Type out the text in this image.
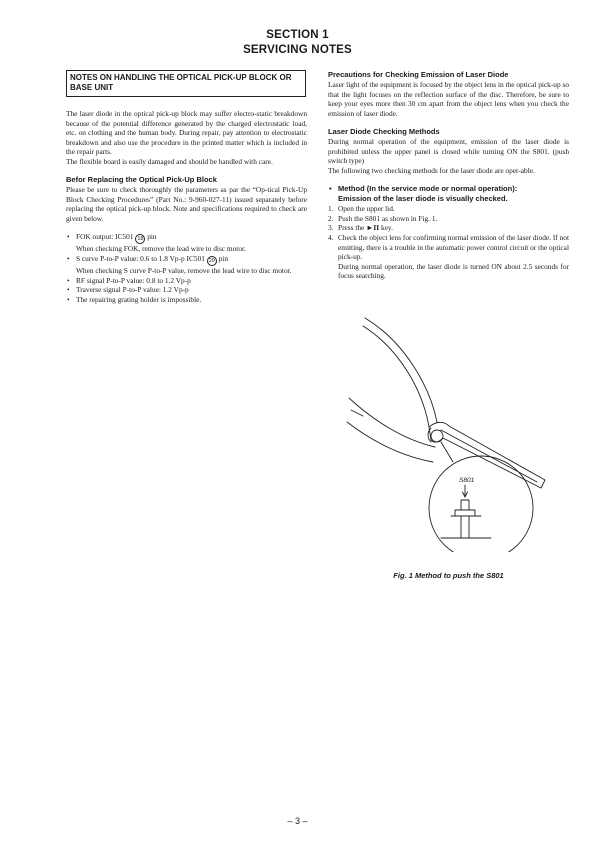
SECTION 1
SERVICING NOTES
NOTES ON HANDLING THE OPTICAL PICK-UP BLOCK OR BASE UNIT

The laser diode in the optical pick-up block may suffer electro-static breakdown because of the potential difference generated by the charged electrostatic load, etc. on clothing and the human body. During repair, pay attention to electrostatic breakdown and also use the procedure in the printed matter which is included in the repair parts.

The flexible board is easily damaged and should be handled with care.

Befor Replacing the Optical Pick-Up Block

Please be sure to check thoroughly the parameters as par the “Op-tical Pick-Up Block Checking Procedures” (Part No.: 9-960-027-11) issued separately before replacing the optical pick-up block. Note and specifications required to check are given below.

• FOK output: IC501 18 pin
When checking FOK, remove the lead wire to disc motor.
• S curve P-to-P value: 0.6 to 1.8 Vp-p IC501 20 pin
When checking S curve P-to-P value, remove the lead wire to disc motor.
• RF signal P-to-P value: 0.8 to 1.2 Vp-p
• Traverse signal P-to-P value: 1.2 Vp-p
• The repairing grating holder is impossible.

Precautions for Checking Emission of Laser Diode

Laser light of the equipment is focused by the object lens in the optical pick-up so that the light focuses on the reflection surface of the disc. Therefore, be sure to keep your eyes more then 30 cm apart from the object lens when you check the emission of laser diode.

Laser Diode Checking Methods

During normal operation of the equipment, emission of the laser diode is prohibited unless the upper panel is closed while turning ON the S801. (push switch type)

The following two checking methods for the laser diode are oper-able.

• Method (In the service mode or normal operation):
Emission of the laser diode is visually checked.
1. Open the upper lid.
2. Push the S801 as shown in Fig. 1.
3. Press the ►II key.
4. Check the object lens for confirming normal emission of the laser diode. If not emitting, there is a trouble in the automatic power control circuit or the optical pick-up.
During normal operation, the laser diode is turned ON about 2.5 seconds for focus searching.
S801
Fig. 1 Method to push the S801
– 3 –
